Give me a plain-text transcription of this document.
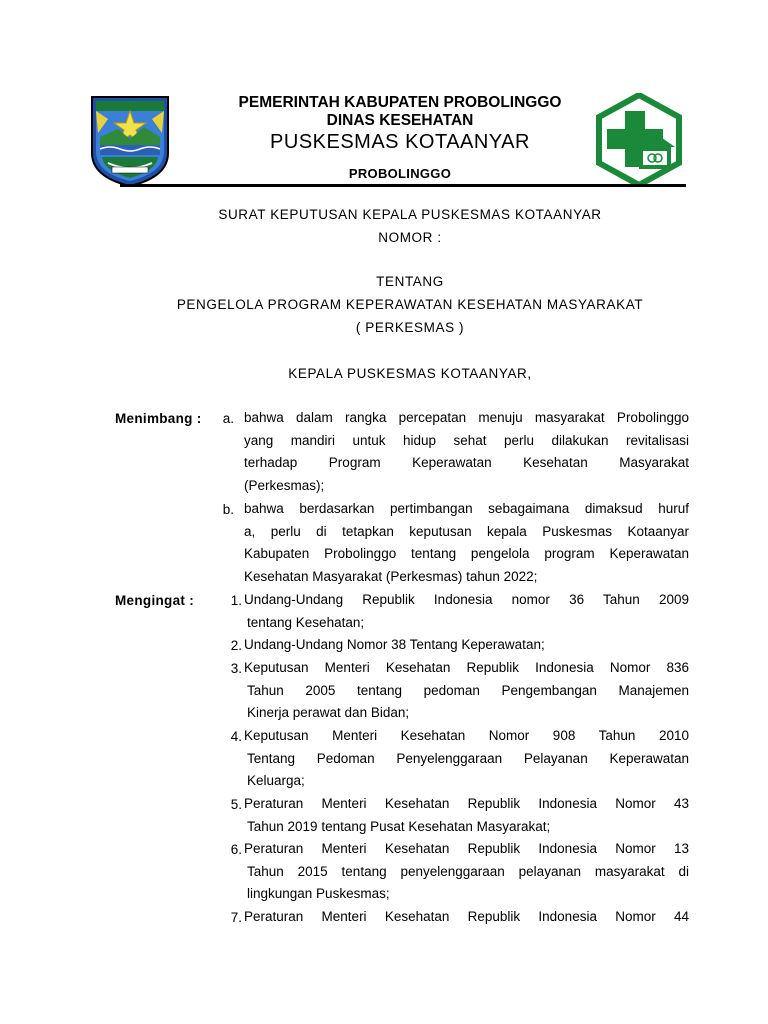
PEMERINTAH KABUPATEN PROBOLINGGO
DINAS KESEHATAN
PUSKESMAS KOTAANYAR
PROBOLINGGO
SURAT KEPUTUSAN KEPALA PUSKESMAS KOTAANYAR
NOMOR :
TENTANG
PENGELOLA PROGRAM KEPERAWATAN KESEHATAN MASYARAKAT
( PERKESMAS )
KEPALA PUSKESMAS KOTAANYAR,
Menimbang :	a. bahwa dalam rangka percepatan menuju masyarakat Probolinggo
yang mandiri untuk hidup sehat perlu dilakukan revitalisasi
terhadap Program Keperawatan Kesehatan Masyarakat
(Perkesmas);
b. bahwa berdasarkan pertimbangan sebagaimana dimaksud huruf
a, perlu di tetapkan keputusan kepala Puskesmas Kotaanyar
Kabupaten Probolinggo tentang pengelola program Keperawatan
Kesehatan Masyarakat (Perkesmas) tahun 2022;
Mengingat :	1. Undang-Undang Republik Indonesia nomor 36 Tahun 2009
tentang Kesehatan;
2. Undang-Undang Nomor 38 Tentang Keperawatan;
3. Keputusan Menteri Kesehatan Republik Indonesia Nomor 836
Tahun 2005 tentang pedoman Pengembangan Manajemen
Kinerja perawat dan Bidan;
4. Keputusan Menteri Kesehatan Nomor 908 Tahun 2010
Tentang Pedoman Penyelenggaraan Pelayanan Keperawatan
Keluarga;
5. Peraturan Menteri Kesehatan Republik Indonesia Nomor 43
Tahun 2019 tentang Pusat Kesehatan Masyarakat;
6. Peraturan Menteri Kesehatan Republik Indonesia Nomor 13
Tahun 2015 tentang penyelenggaraan pelayanan masyarakat di
lingkungan Puskesmas;
7. Peraturan Menteri Kesehatan Republik Indonesia Nomor 44
